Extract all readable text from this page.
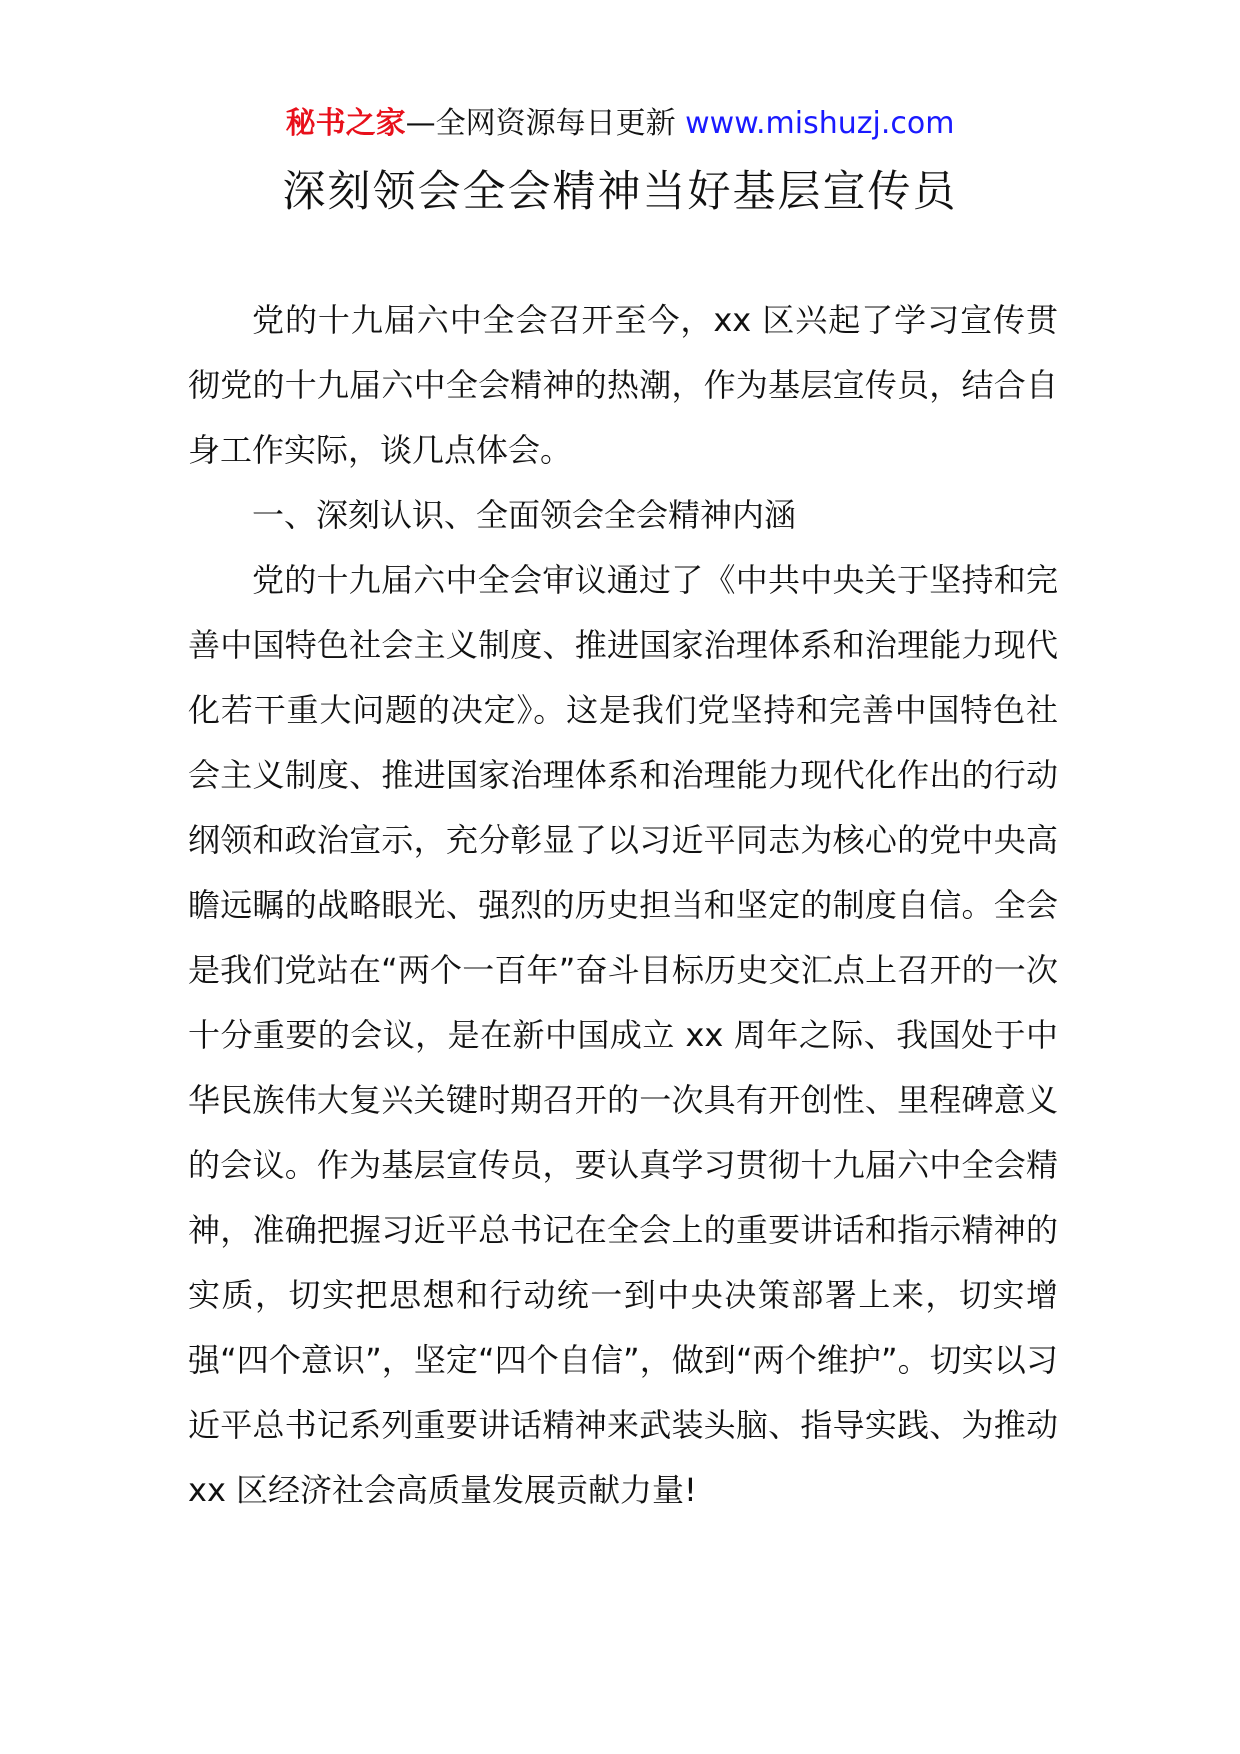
秘书之家—全网资源每日更新 www.mishuzj.com
深刻领会全会精神当好基层宣传员

党的十九届六中全会召开至今，xx 区兴起了学习宣传贯彻党的十九届六中全会精神的热潮，作为基层宣传员，结合自身工作实际，谈几点体会。

一、深刻认识、全面领会全会精神内涵

党的十九届六中全会审议通过了《中共中央关于坚持和完善中国特色社会主义制度、推进国家治理体系和治理能力现代化若干重大问题的决定》。这是我们党坚持和完善中国特色社会主义制度、推进国家治理体系和治理能力现代化作出的行动纲领和政治宣示，充分彰显了以习近平同志为核心的党中央高瞻远瞩的战略眼光、强烈的历史担当和坚定的制度自信。全会是我们党站在“两个一百年”奋斗目标历史交汇点上召开的一次十分重要的会议，是在新中国成立 xx 周年之际、我国处于中华民族伟大复兴关键时期召开的一次具有开创性、里程碑意义的会议。作为基层宣传员，要认真学习贯彻十九届六中全会精神，准确把握习近平总书记在全会上的重要讲话和指示精神的实质，切实把思想和行动统一到中央决策部署上来，切实增强“四个意识”，坚定“四个自信”，做到“两个维护”。切实以习近平总书记系列重要讲话精神来武装头脑、指导实践、为推动 xx 区经济社会高质量发展贡献力量!
